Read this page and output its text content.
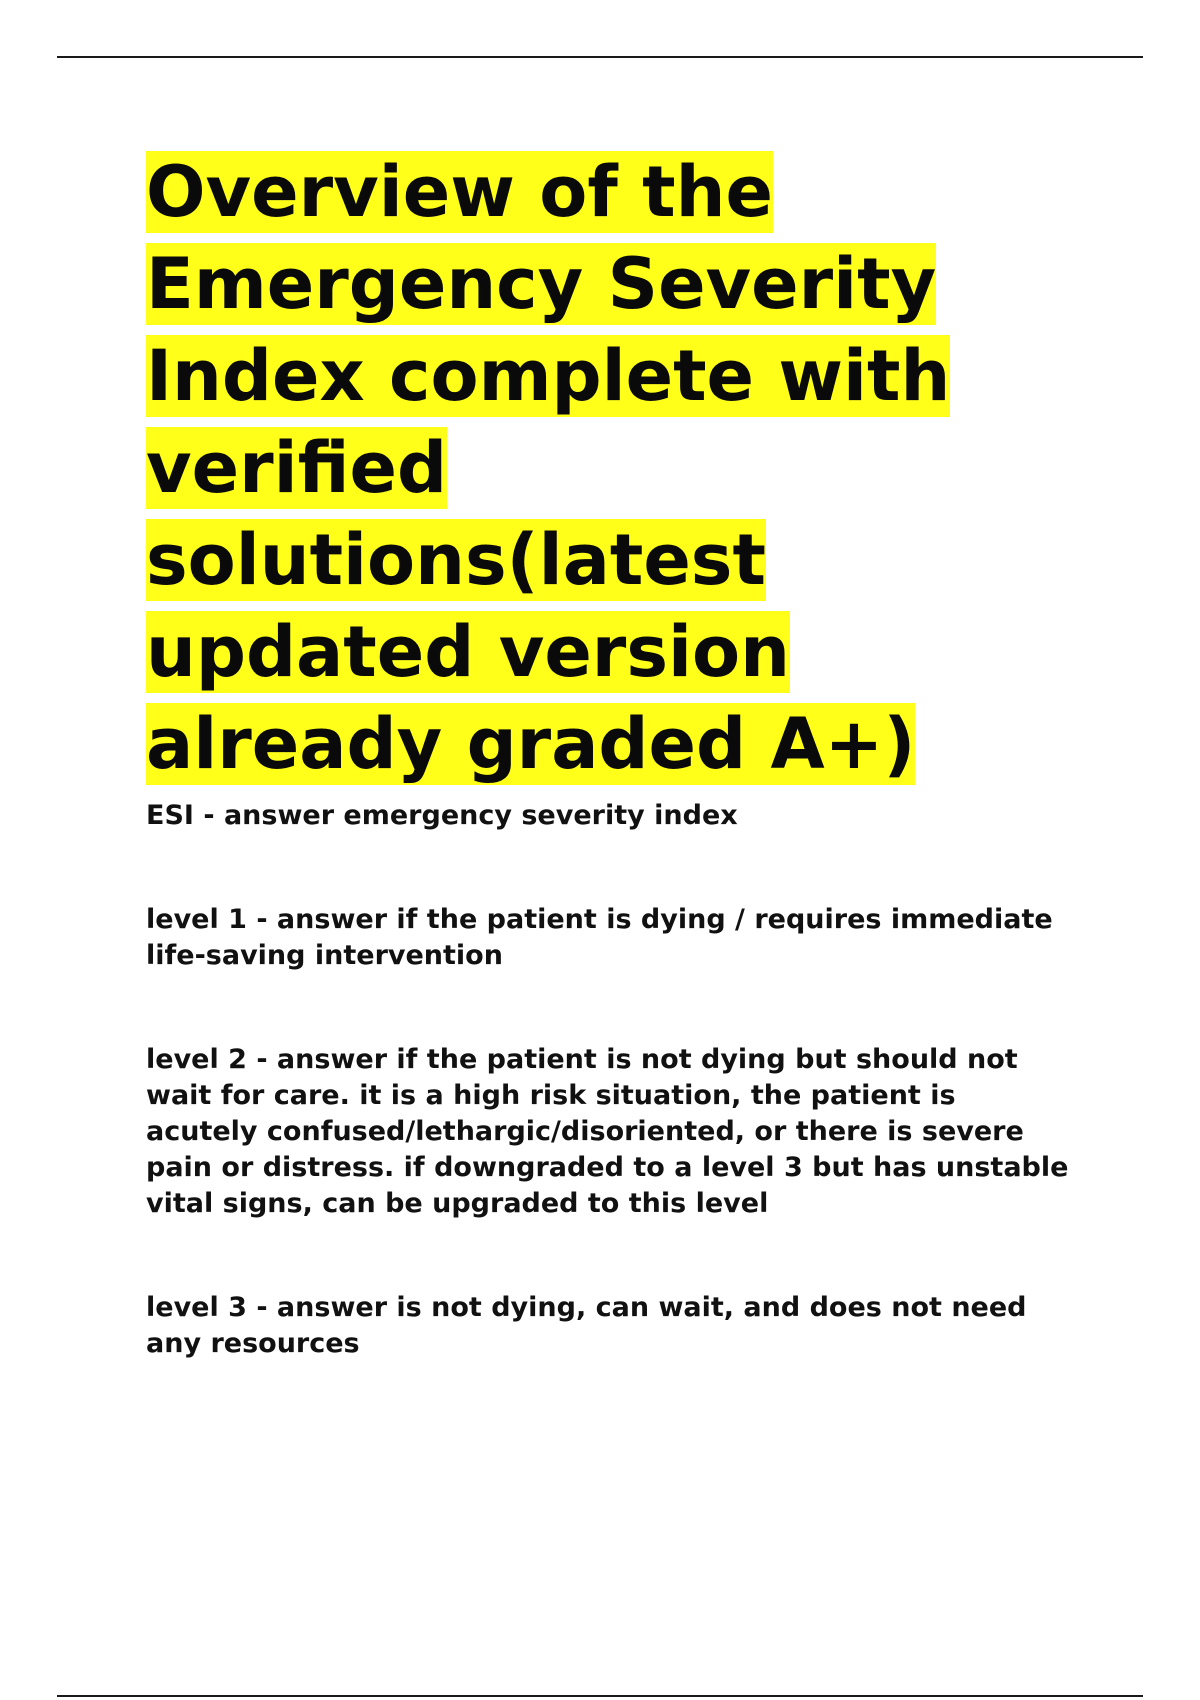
Overview of the Emergency Severity Index complete with verified solutions(latest updated version already graded A+)

ESI - answer emergency severity index

level 1 - answer if the patient is dying / requires immediate life-saving intervention

level 2 - answer if the patient is not dying but should not wait for care. it is a high risk situation, the patient is acutely confused/lethargic/disoriented, or there is severe pain or distress. if downgraded to a level 3 but has unstable vital signs, can be upgraded to this level

level 3 - answer is not dying, can wait, and does not need any resources
